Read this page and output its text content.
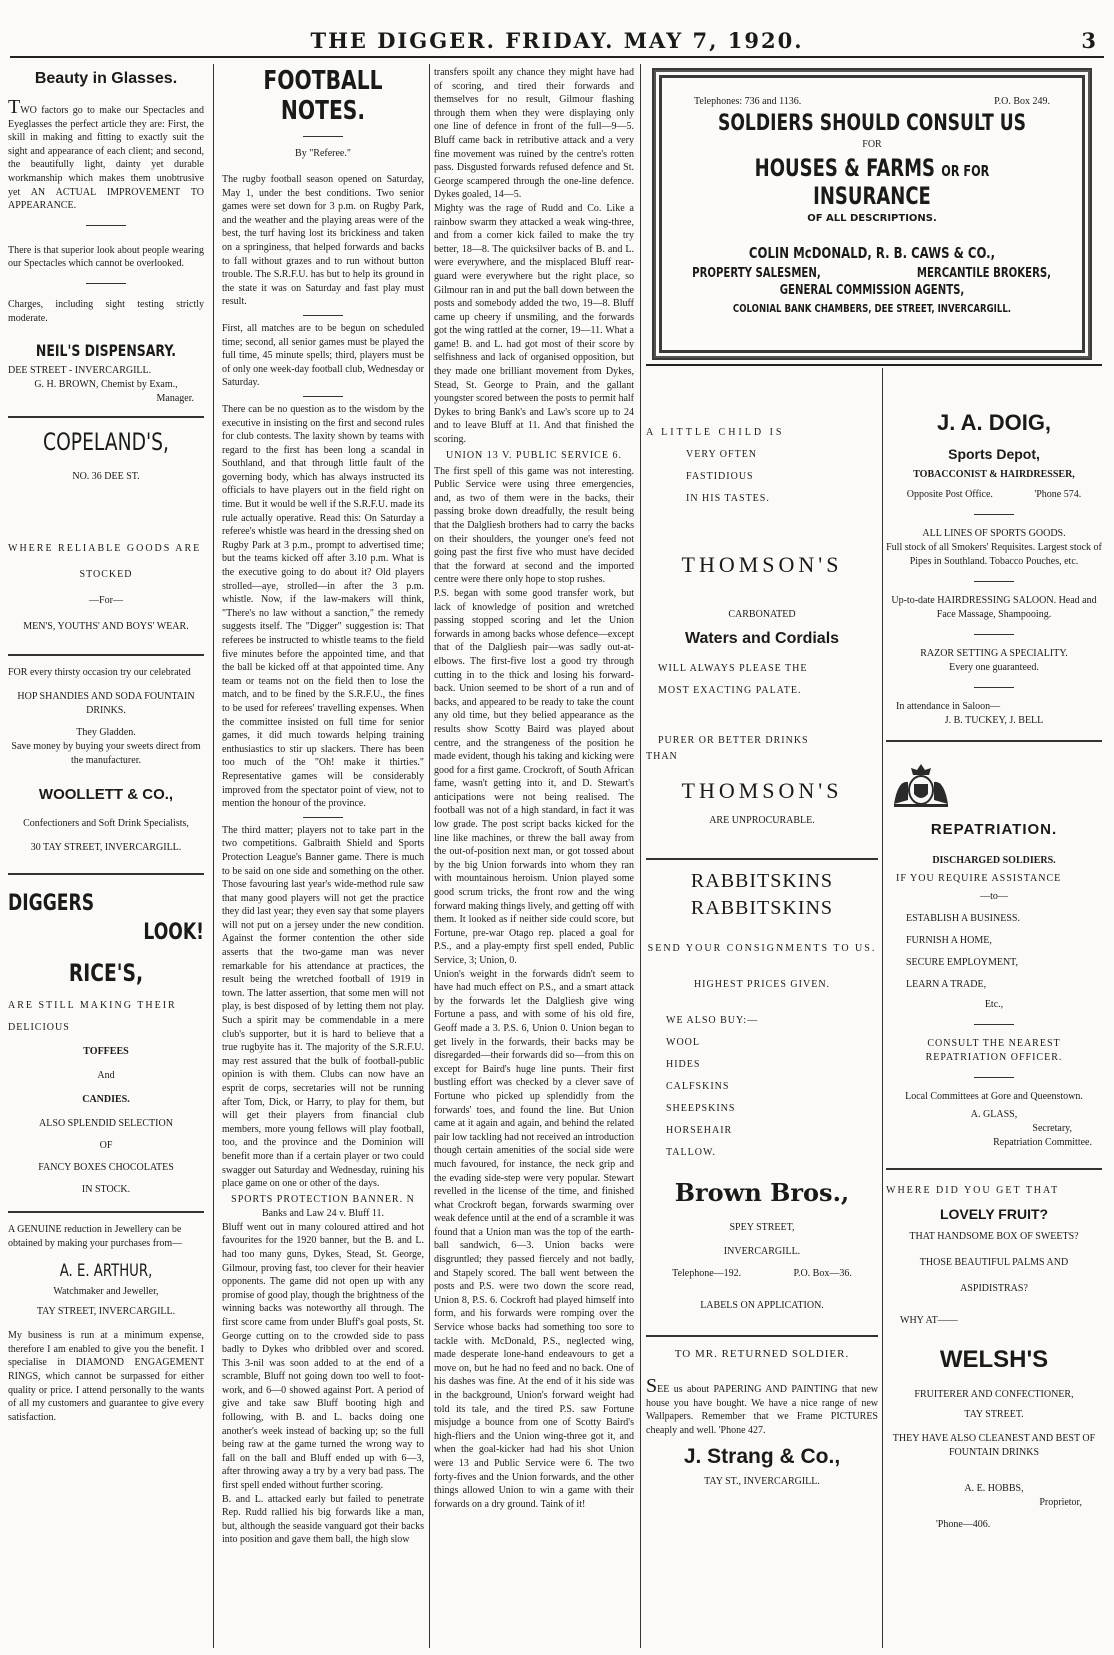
THE DIGGER. FRIDAY. MAY 7, 1920.	3
Beauty in Glasses.
TWO factors go to make our Spectacles and Eyeglasses the perfect article they are: First, the skill in making and fitting to exactly suit the sight and appearance of each client; and second, the beautifully light, dainty yet durable workmanship which makes them unobtrusive yet AN ACTUAL IMPROVEMENT TO APPEARANCE.
There is that superior look about people wearing our Spectacles which cannot be overlooked.
Charges, including sight testing strictly moderate.
NEIL'S DISPENSARY.
DEE STREET - INVERCARGILL.
G. H. BROWN, Chemist by Exam.,
Manager.
COPELAND'S,
NO. 36 DEE ST.
WHERE RELIABLE GOODS ARE
STOCKED
—For—
MEN'S, YOUTHS' AND BOYS' WEAR.
FOR every thirsty occasion try our celebrated
HOP SHANDIES AND SODA FOUNTAIN DRINKS.
They Gladden.
Save money by buying your sweets direct from the manufacturer.
WOOLLETT & CO.,
Confectioners and Soft Drink Specialists,
30 TAY STREET, INVERCARGILL.
DIGGERS
LOOK!
RICE'S,
ARE STILL MAKING THEIR
DELICIOUS
TOFFEES
And
CANDIES.
ALSO SPLENDID SELECTION
OF
FANCY BOXES CHOCOLATES
IN STOCK.
A GENUINE reduction in Jewellery can be obtained by making your purchases from—
A. E. ARTHUR,
Watchmaker and Jeweller,
TAY STREET, INVERCARGILL.
My business is run at a minimum expense, therefore I am enabled to give you the benefit. I specialise in DIAMOND ENGAGEMENT RINGS, which cannot be surpassed for either quality or price. I attend personally to the wants of all my customers and guarantee to give every satisfaction.
FOOTBALL NOTES.
By "Referee."
The rugby football season opened on Saturday, May 1, under the best conditions. Two senior games were set down for 3 p.m. on Rugby Park, and the weather and the playing areas were of the best, the turf having lost its brickiness and taken on a springiness, that helped forwards and backs to fall without grazes and to run without button trouble. The S.R.F.U. has but to help its ground in the state it was on Saturday and fast play must result.
First, all matches are to be begun on scheduled time; second, all senior games must be played the full time, 45 minute spells; third, players must be of only one week-day football club, Wednesday or Saturday.
There can be no question as to the wisdom by the executive in insisting on the first and second rules for club contests. The laxity shown by teams with regard to the first has been long a scandal in Southland, and that through little fault of the governing body, which has always instructed its officials to have players out in the field right on time. But it would be well if the S.R.F.U. made its rule actually operative. Read this: On Saturday a referee's whistle was heard in the dressing shed on Rugby Park at 3 p.m., prompt to advertised time; but the teams kicked off after 3.10 p.m. What is the executive going to do about it? Old players strolled—aye, strolled—in after the 3 p.m. whistle. Now, if the law-makers will think, "There's no law without a sanction," the remedy suggests itself. The "Digger" suggestion is: That referees be instructed to whistle teams to the field five minutes before the appointed time, and that the ball be kicked off at that appointed time. Any team or teams not on the field then to lose the match, and to be fined by the S.R.F.U., the fines to be used for referees' travelling expenses. When the committee insisted on full time for senior games, it did much towards helping training enthusiastics to stir up slackers. There has been too much of the "Oh! make it thirties." Representative games will be considerably improved from the spectator point of view, not to mention the honour of the province.
The third matter; players not to take part in the two competitions. Galbraith Shield and Sports Protection League's Banner game. There is much to be said on one side and something on the other. Those favouring last year's wide-method rule saw that many good players will not get the practice they did last year; they even say that some players will not put on a jersey under the new condition. Against the former contention the other side asserts that the two-game man was never remarkable for his attendance at practices, the result being the wretched football of 1919 in town. The latter assertion, that some men will not play, is best disposed of by letting them not play. Such a spirit may be commendable in a mere club's supporter, but it is hard to believe that a true rugbyite has it. The majority of the S.R.F.U. may rest assured that the bulk of football-public opinion is with them. Clubs can now have an esprit de corps, secretaries will not be running after Tom, Dick, or Harry, to play for them, but will get their players from financial club members, more young fellows will play football, too, and the province and the Dominion will benefit more than if a certain player or two could swagger out Saturday and Wednesday, ruining his place game on one or other of the days.
SPORTS PROTECTION BANNER. N
Banks and Law 24 v. Bluff 11.
Bluff went out in many coloured attired and hot favourites for the 1920 banner, but the B. and L. had too many guns, Dykes, Stead, St. George, Gilmour, proving fast, too clever for their heavier opponents. The game did not open up with any promise of good play, though the brightness of the winning backs was noteworthy all through. The first score came from under Bluff's goal posts, St. George cutting on to the crowded side to pass badly to Dykes who dribbled over and scored. This 3-nil was soon added to at the end of a scramble, Bluff not going down too well to foot-work, and 6—0 showed against Port. A period of give and take saw Bluff booting high and following, with B. and L. backs doing one another's week instead of backing up; so the full being raw at the game turned the wrong way to fall on the ball and Bluff ended up with 6—3, after throwing away a try by a very bad pass. The first spell ended without further scoring.
B. and L. attacked early but failed to penetrate Rep. Rudd rallied his big forwards like a man, but, although the seaside vanguard got their backs into position and gave them ball, the high slow
transfers spoilt any chance they might have had of scoring, and tired their forwards and themselves for no result, Gilmour flashing through them when they were displaying only one line of defence in front of the full—9—5. Bluff came back in retributive attack and a very fine movement was ruined by the centre's rotten pass. Disgusted forwards refused defence and St. George scampered through the one-line defence. Dykes goaled, 14—5.
Mighty was the rage of Rudd and Co. Like a rainbow swarm they attacked a weak wing-three, and from a corner kick failed to make the try better, 18—8. The quicksilver backs of B. and L. were everywhere, and the misplaced Bluff rear-guard were everywhere but the right place, so Gilmour ran in and put the ball down between the posts and somebody added the two, 19—8. Bluff came up cheery if unsmiling, and the forwards got the wing rattled at the corner, 19—11. What a game! B. and L. had got most of their score by selfishness and lack of organised opposition, but they made one brilliant movement from Dykes, Stead, St. George to Prain, and the gallant youngster scored between the posts to permit half Dykes to bring Bank's and Law's score up to 24 and to leave Bluff at 11. And that finished the scoring.
UNION 13 V. PUBLIC SERVICE 6.
The first spell of this game was not interesting. Public Service were using three emergencies, and, as two of them were in the backs, their passing broke down dreadfully, the result being that the Dalgliesh brothers had to carry the backs on their shoulders, the younger one's feed not going past the first five who must have decided that the forward at second and the imported centre were there only hope to stop rushes.
P.S. began with some good transfer work, but lack of knowledge of position and wretched passing stopped scoring and let the Union forwards in among backs whose defence—except that of the Dalgliesh pair—was sadly out-at-elbows. The first-five lost a good try through cutting in to the thick and losing his forward-back. Union seemed to be short of a run and of backs, and appeared to be ready to take the count any old time, but they belied appearance as the results show Scotty Baird was played about centre, and the strangeness of the position he made evident, though his taking and kicking were good for a first game. Crockroft, of South African fame, wasn't getting into it, and D. Stewart's anticipations were not being realised. The football was not of a high standard, in fact it was low grade. The post script backs kicked for the line like machines, or threw the ball away from the out-of-position next man, or got tossed about by the big Union forwards into whom they ran with mountainous heroism. Union played some good scrum tricks, the front row and the wing forward making things lively, and getting off with them. It looked as if neither side could score, but Fortune, pre-war Otago rep. placed a goal for P.S., and a play-empty first spell ended, Public Service, 3; Union, 0.
Union's weight in the forwards didn't seem to have had much effect on P.S., and a smart attack by the forwards let the Dalgliesh give wing Fortune a pass, and with some of his old fire, Geoff made a 3. P.S. 6, Union 0. Union began to get lively in the forwards, their backs may be disregarded—their forwards did so—from this on except for Baird's huge line punts. Their first bustling effort was checked by a clever save of Fortune who picked up splendidly from the forwards' toes, and found the line. But Union came at it again and again, and behind the related pair low tackling had not received an introduction though certain amenities of the social side were much favoured, for instance, the neck grip and the evading side-step were very popular. Stewart revelled in the license of the time, and finished what Crockroft began, forwards swarming over weak defence until at the end of a scramble it was found that a Union man was the top of the earth-ball sandwich, 6—3. Union backs were disgruntled; they passed fiercely and not badly, and Stapely scored. The ball went between the posts and P.S. were two down the score read, Union 8, P.S. 6. Cockroft had played himself into form, and his forwards were romping over the Service whose backs had something too sore to tackle with. McDonald, P.S., neglected wing, made desperate lone-hand endeavours to get a move on, but he had no feed and no back. One of his dashes was fine. At the end of it his side was in the background, Union's forward weight had told its tale, and the tired P.S. saw Fortune misjudge a bounce from one of Scotty Baird's high-fliers and the Union wing-three got it, and when the goal-kicker had had his shot Union were 13 and Public Service were 6. The two forty-fives and the Union forwards, and the other things allowed Union to win a game with their forwards on a dry ground. Taink of it!
Telephones: 736 and 1136.	P.O. Box 249.
SOLDIERS SHOULD CONSULT US
FOR
HOUSES & FARMS OR FOR INSURANCE
OF ALL DESCRIPTIONS.
COLIN McDONALD, R. B. CAWS & CO.,
PROPERTY SALESMEN,	MERCANTILE BROKERS,
GENERAL COMMISSION AGENTS,
COLONIAL BANK CHAMBERS, DEE STREET, INVERCARGILL.
A LITTLE CHILD IS
VERY OFTEN
FASTIDIOUS
IN HIS TASTES.
THOMSON'S
CARBONATED
Waters and Cordials
WILL ALWAYS PLEASE THE
MOST EXACTING PALATE.
PURER OR BETTER DRINKS
THAN
THOMSON'S
ARE UNPROCURABLE.
RABBITSKINS
RABBITSKINS
SEND YOUR CONSIGNMENTS TO US.
HIGHEST PRICES GIVEN.
WE ALSO BUY:—
WOOL
HIDES
CALFSKINS
SHEEPSKINS
HORSEHAIR
TALLOW.
Brown Bros.,
SPEY STREET,
INVERCARGILL.
Telephone—192.	P.O. Box—36.
LABELS ON APPLICATION.
TO MR. RETURNED SOLDIER.
SEE us about PAPERING AND PAINTING that new house you have bought. We have a nice range of new Wallpapers. Remember that we Frame PICTURES cheaply and well. 'Phone 427.
J. Strang & Co.,
TAY ST., INVERCARGILL.
J. A. DOIG,
Sports Depot,
TOBACCONIST & HAIRDRESSER,
Opposite Post Office.	'Phone 574.
ALL LINES OF SPORTS GOODS.
Full stock of all Smokers' Requisites. Largest stock of Pipes in Southland. Tobacco Pouches, etc.
Up-to-date HAIRDRESSING SALOON. Head and Face Massage, Shampooing.
RAZOR SETTING A SPECIALITY.
Every one guaranteed.
In attendance in Saloon—
J. B. TUCKEY, J. BELL
REPATRIATION.
DISCHARGED SOLDIERS.
IF YOU REQUIRE ASSISTANCE
—to—
ESTABLISH A BUSINESS.
FURNISH A HOME,
SECURE EMPLOYMENT,
LEARN A TRADE,
Etc.,
CONSULT THE NEAREST REPATRIATION OFFICER.
Local Committees at Gore and Queenstown.
A. GLASS,
Secretary,
Repatriation Committee.
WHERE DID YOU GET THAT
LOVELY FRUIT?
THAT HANDSOME BOX OF SWEETS?
THOSE BEAUTIFUL PALMS AND
ASPIDISTRAS?
WHY AT——
WELSH'S
FRUITERER AND CONFECTIONER,
TAY STREET.
THEY HAVE ALSO CLEANEST AND BEST OF FOUNTAIN DRINKS
A. E. HOBBS,
Proprietor,
'Phone—406.
